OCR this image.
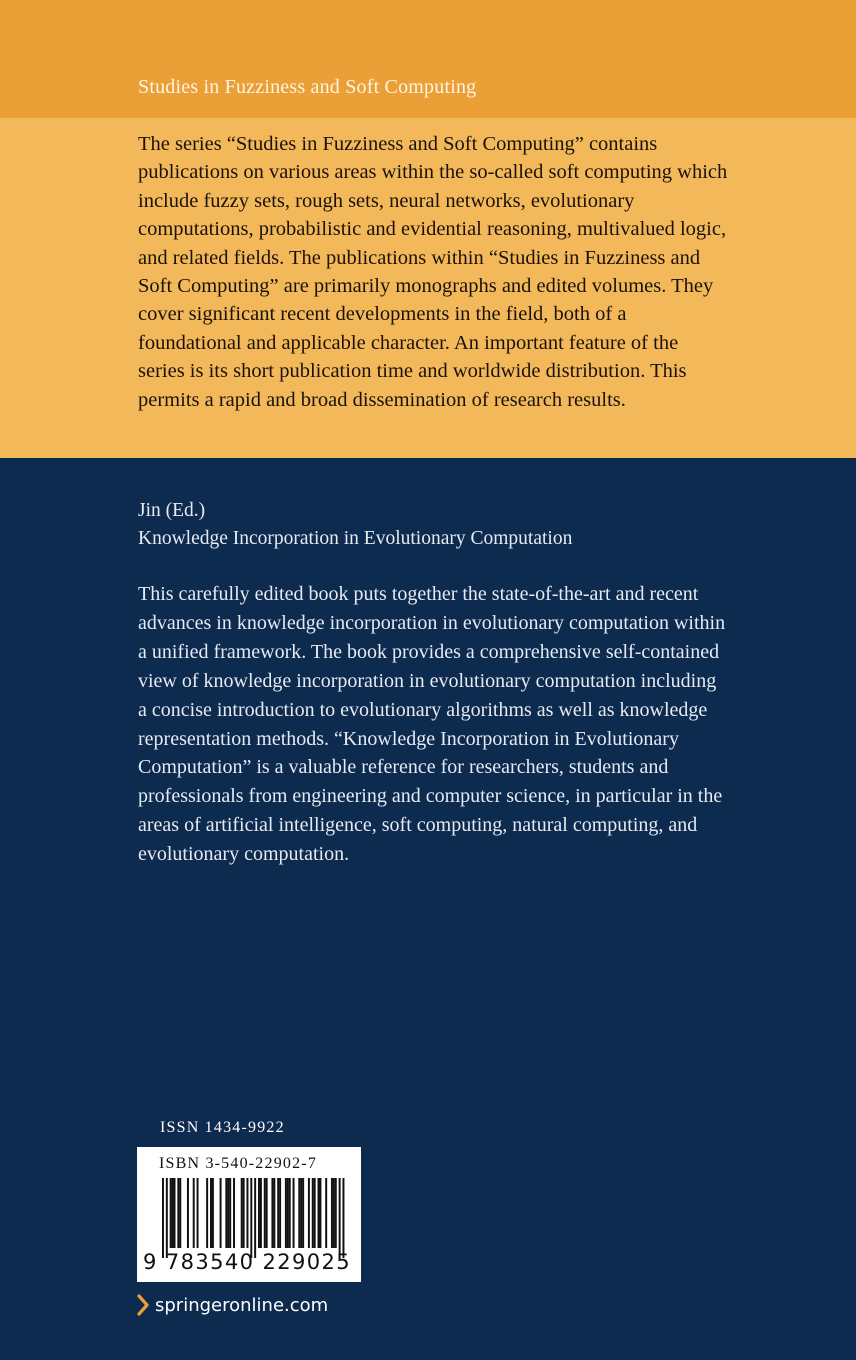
Studies in Fuzziness and Soft Computing

The series “Studies in Fuzziness and Soft Computing” contains publications on various areas within the so-called soft computing which include fuzzy sets, rough sets, neural networks, evolutionary computations, probabilistic and evidential reasoning, multivalued logic, and related fields. The publications within “Studies in Fuzziness and Soft Computing” are primarily monographs and edited volumes. They cover significant recent developments in the field, both of a foundational and applicable character. An important feature of the series is its short publication time and worldwide distribution. This permits a rapid and broad dissemination of research results.

Jin (Ed.)
Knowledge Incorporation in Evolutionary Computation

This carefully edited book puts together the state-of-the-art and recent advances in knowledge incorporation in evolutionary computation within a unified framework. The book provides a comprehensive self-contained view of knowledge incorporation in evolutionary computation including a concise introduction to evolutionary algorithms as well as knowledge representation methods. “Knowledge Incorporation in Evolutionary Computation” is a valuable reference for researchers, students and professionals from engineering and computer science, in particular in the areas of artificial intelligence, soft computing, natural computing, and evolutionary computation.

ISSN 1434-9922
ISBN 3-540-22902-7
9 783540 229025
springeronline.com
